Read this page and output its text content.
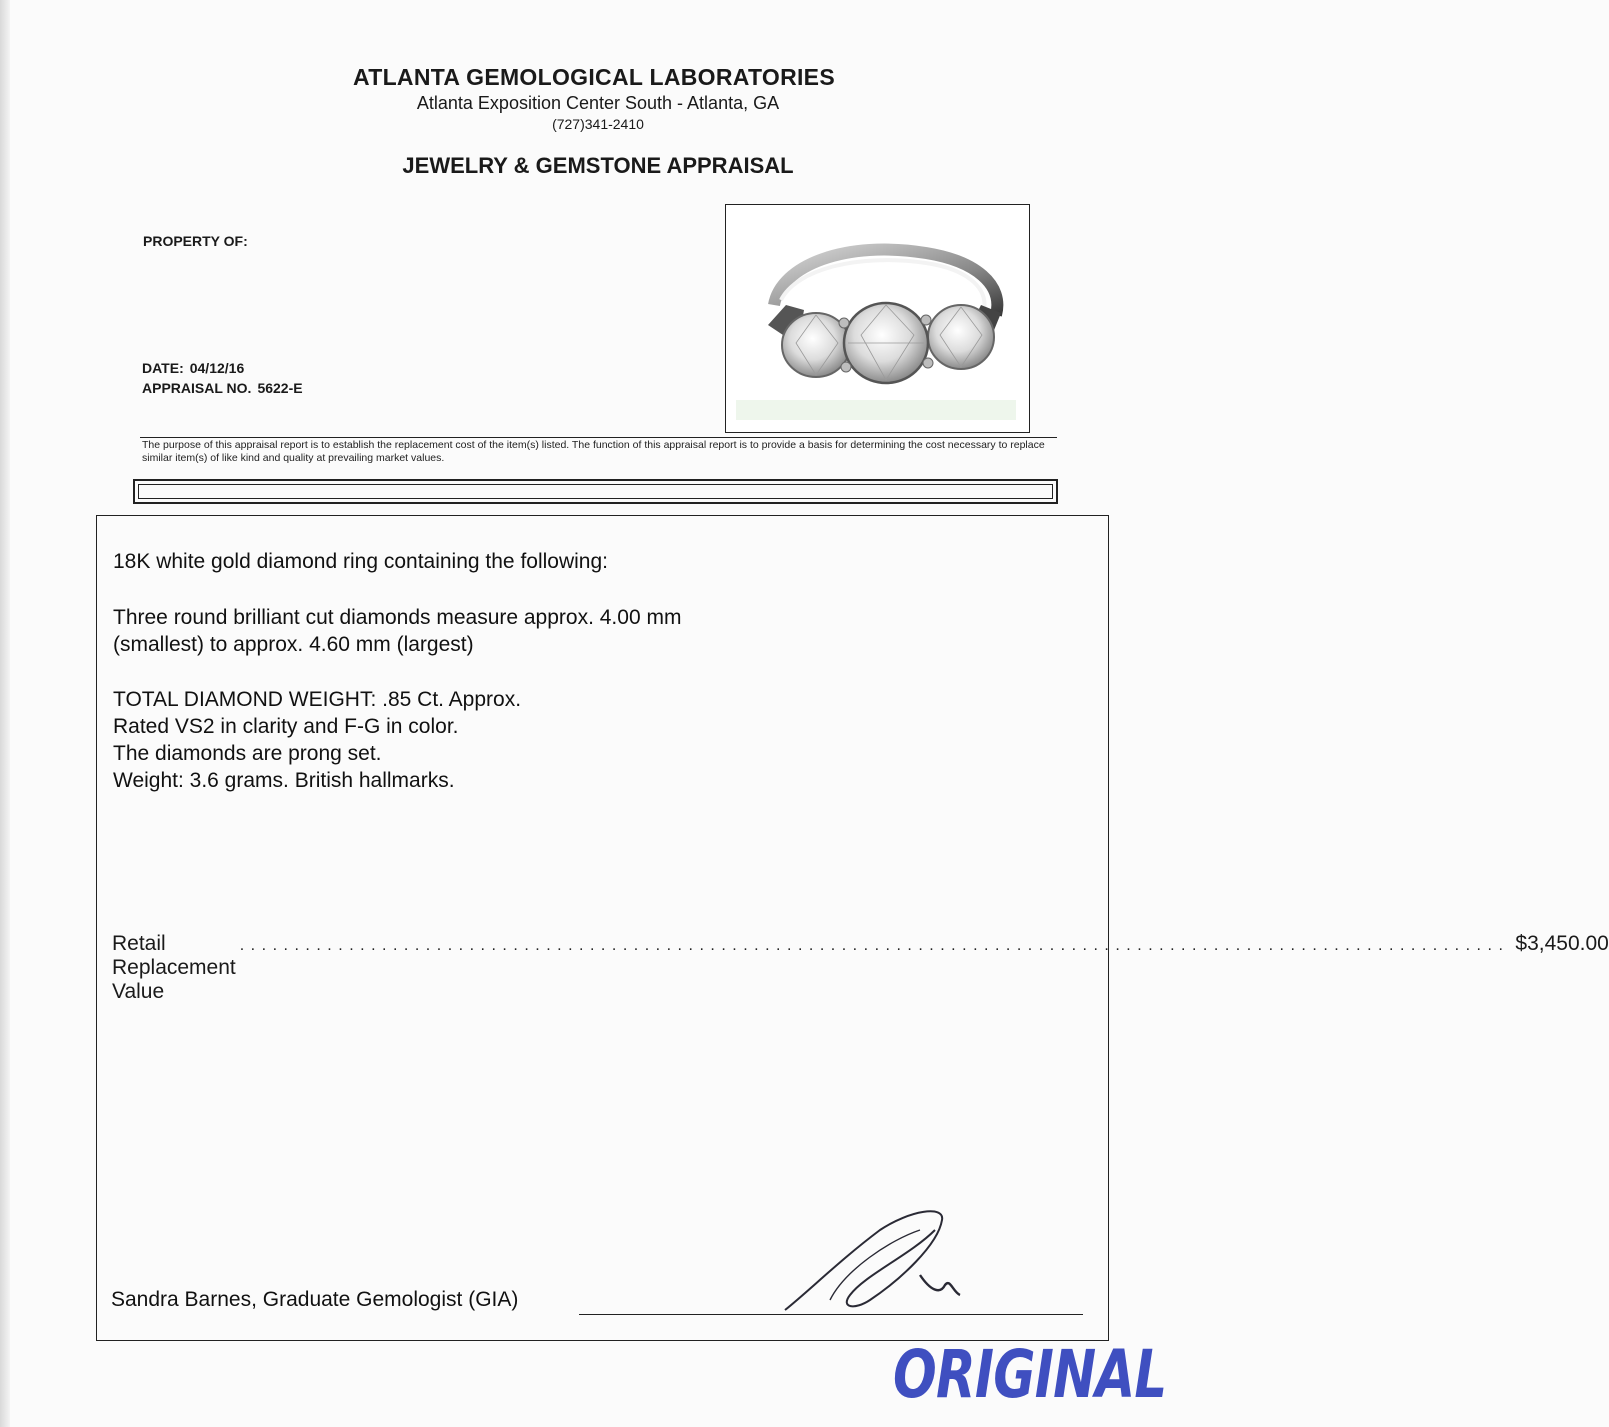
ATLANTA GEMOLOGICAL LABORATORIES
Atlanta Exposition Center South - Atlanta, GA
(727)341-2410
JEWELRY & GEMSTONE APPRAISAL
PROPERTY OF:
DATE: 04/12/16
APPRAISAL NO. 5622-E
The purpose of this appraisal report is to establish the replacement cost of the item(s) listed. The function of this appraisal report is to provide a basis for determining the cost necessary to replace similar item(s) of like kind and quality at prevailing market values.
18K white gold diamond ring containing the following:
Three round brilliant cut diamonds measure approx. 4.00 mm
(smallest) to approx. 4.60 mm (largest)
TOTAL DIAMOND WEIGHT: .85 Ct. Approx.
Rated VS2 in clarity and F-G in color.
The diamonds are prong set.
Weight: 3.6 grams. British hallmarks.
Retail Replacement Value
.................................................................................................................... $3,450.00
Sandra Barnes, Graduate Gemologist (GIA)
ORIGINAL
